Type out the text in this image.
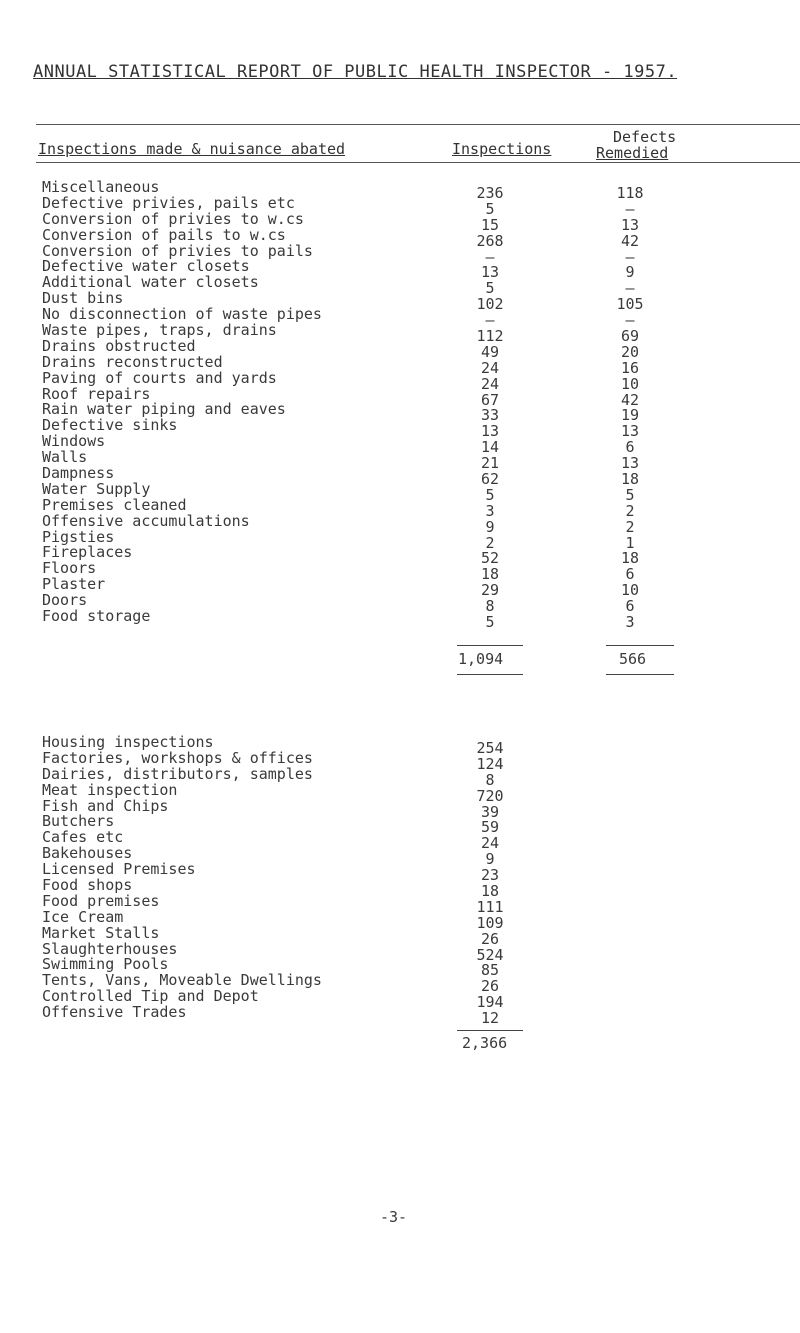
ANNUAL STATISTICAL REPORT OF PUBLIC HEALTH INSPECTOR - 1957.
Inspections made & nuisance abated	Inspections
Defects
Remedied
Miscellaneous
Defective privies, pails etc
Conversion of privies to w.cs
Conversion of pails to w.cs
Conversion of privies to pails
Defective water closets
Additional water closets
Dust bins
No disconnection of waste pipes
Waste pipes, traps, drains
Drains obstructed
Drains reconstructed
Paving of courts and yards
Roof repairs
Rain water piping and eaves
Defective sinks
Windows
Walls
Dampness
Water Supply
Premises cleaned
Offensive accumulations
Pigsties
Fireplaces
Floors
Plaster
Doors
Food storage
236
5
15
268
—
13
5
102
—
112
49
24
24
67
33
13
14
21
62
5
3
9
2
52
18
29
8
5
118
—
13
42
—
9
—
105
—
69
20
16
10
42
19
13
6
13
18
5
2
2
1
18
6
10
6
3
1,094	566
Housing inspections
Factories, workshops & offices
Dairies, distributors, samples
Meat inspection
Fish and Chips
Butchers
Cafes etc
Bakehouses
Licensed Premises
Food shops
Food premises
Ice Cream
Market Stalls
Slaughterhouses
Swimming Pools
Tents, Vans, Moveable Dwellings
Controlled Tip and Depot
Offensive Trades
254
124
8
720
39
59
24
9
23
18
111
109
26
524
85
26
194
12
2,366
-3-
